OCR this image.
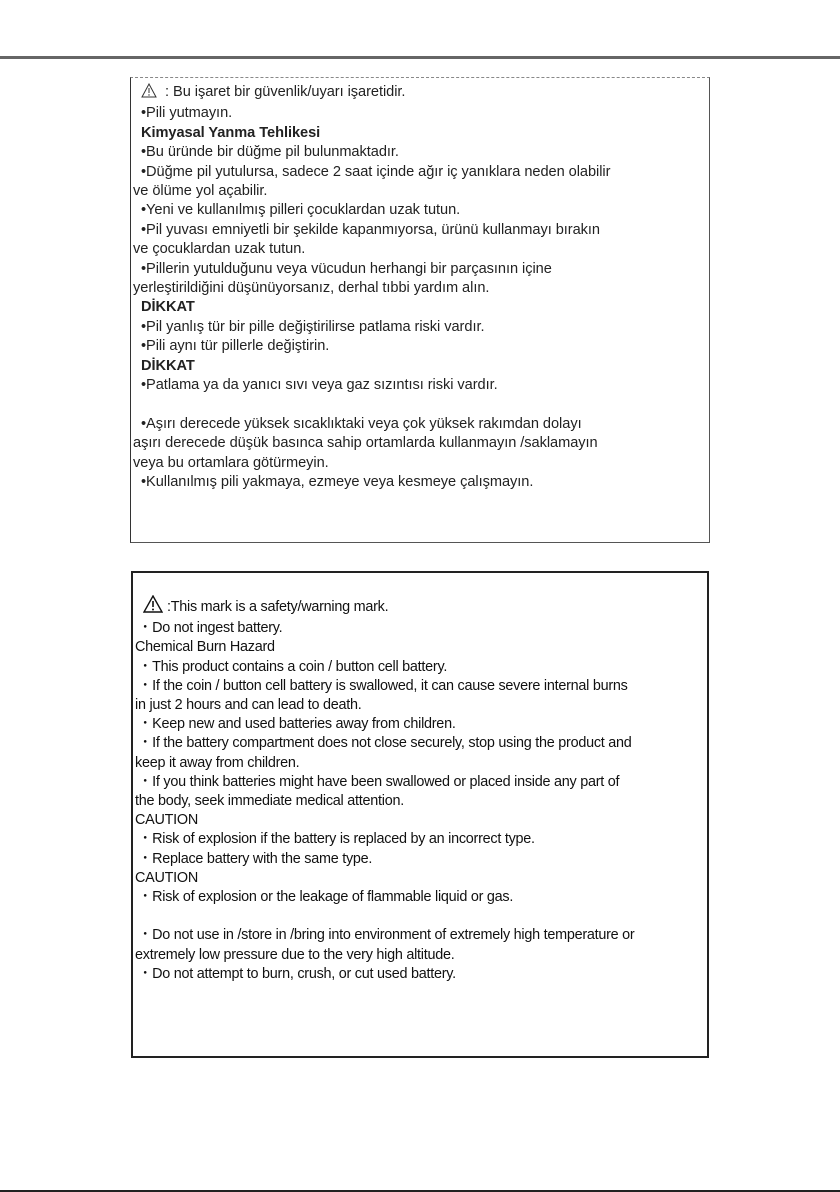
: Bu işaret bir güvenlik/uyarı işaretidir.
•Pili yutmayın.
Kimyasal Yanma Tehlikesi
•Bu üründe bir düğme pil bulunmaktadır.
•Düğme pil yutulursa, sadece 2 saat içinde ağır iç yanıklara neden olabilir
ve ölüme yol açabilir.
•Yeni ve kullanılmış pilleri çocuklardan uzak tutun.
•Pil yuvası emniyetli bir şekilde kapanmıyorsa, ürünü kullanmayı bırakın
ve çocuklardan uzak tutun.
•Pillerin yutulduğunu veya vücudun herhangi bir parçasının içine
yerleştirildiğini düşünüyorsanız, derhal tıbbi yardım alın.
DİKKAT
•Pil yanlış tür bir pille değiştirilirse patlama riski vardır.
•Pili aynı tür pillerle değiştirin.
DİKKAT
•Patlama ya da yanıcı sıvı veya gaz sızıntısı riski vardır.
•Aşırı derecede yüksek sıcaklıktaki veya çok yüksek rakımdan dolayı
aşırı derecede düşük basınca sahip ortamlarda kullanmayın /saklamayın
veya bu ortamlara götürmeyin.
•Kullanılmış pili yakmaya, ezmeye veya kesmeye çalışmayın.
:This mark is a safety/warning mark.
・Do not ingest battery.
Chemical Burn Hazard
・This product contains a coin / button cell battery.
・If the coin / button cell battery is swallowed, it can cause severe internal burns
in just 2 hours and can lead to death.
・Keep new and used batteries away from children.
・If the battery compartment does not close securely, stop using the product and
keep it away from children.
・If you think batteries might have been swallowed or placed inside any part of
the body, seek immediate medical attention.
CAUTION
・Risk of explosion if the battery is replaced by an incorrect type.
・Replace battery with the same type.
CAUTION
・Risk of explosion or the leakage of flammable liquid or gas.
・Do not use in /store in /bring into environment of extremely high temperature or
extremely low pressure due to the very high altitude.
・Do not attempt to burn, crush, or cut used battery.
